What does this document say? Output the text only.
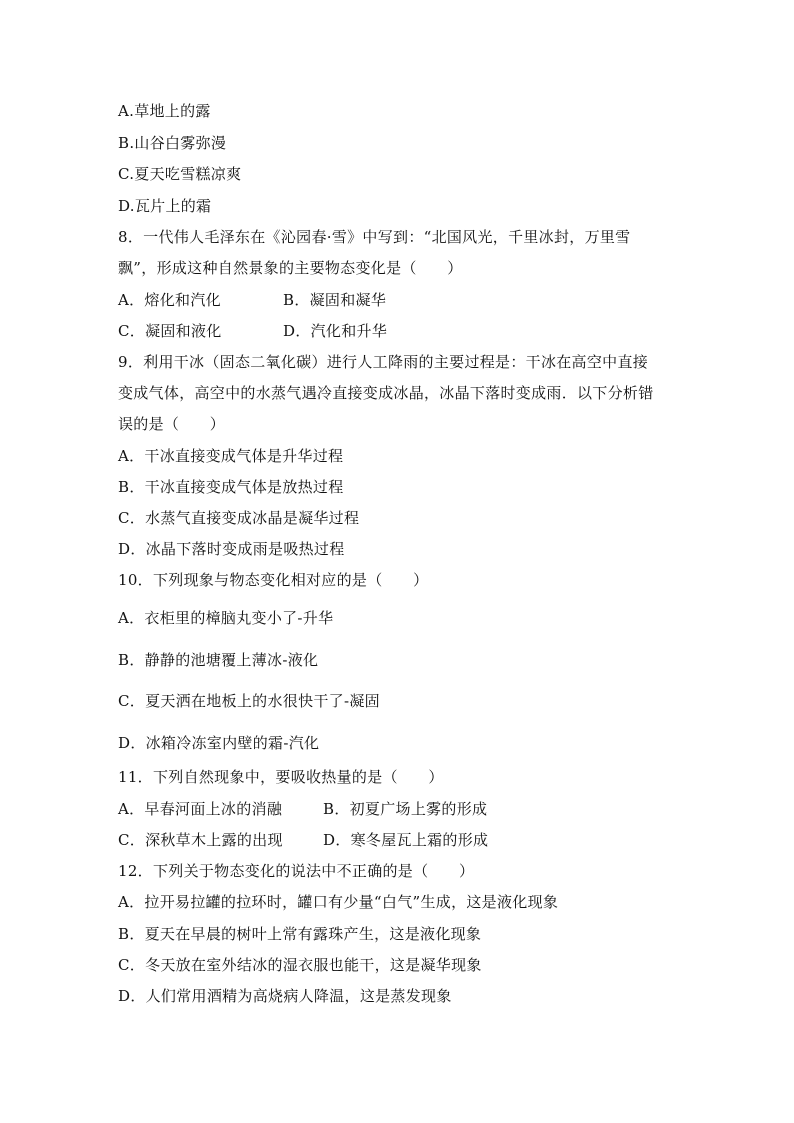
A.草地上的露
B.山谷白雾弥漫
C.夏天吃雪糕凉爽
D.瓦片上的霜
8．一代伟人毛泽东在《沁园春·雪》中写到：“北国风光，千里冰封，万里雪
飘”，形成这种自然景象的主要物态变化是（　　）
A．熔化和汽化	B．凝固和凝华
C．凝固和液化	D．汽化和升华
9．利用干冰（固态二氧化碳）进行人工降雨的主要过程是：干冰在高空中直接
变成气体，高空中的水蒸气遇冷直接变成冰晶，冰晶下落时变成雨．以下分析错
误的是（　　）
A．干冰直接变成气体是升华过程
B．干冰直接变成气体是放热过程
C．水蒸气直接变成冰晶是凝华过程
D．冰晶下落时变成雨是吸热过程
10．下列现象与物态变化相对应的是（　　）
A．衣柜里的樟脑丸变小了-升华
B．静静的池塘覆上薄冰-液化
C．夏天洒在地板上的水很快干了-凝固
D．冰箱冷冻室内壁的霜-汽化
11．下列自然现象中，要吸收热量的是（　　）
A．早春河面上冰的消融	B．初夏广场上雾的形成
C．深秋草木上露的出现	D．寒冬屋瓦上霜的形成
12．下列关于物态变化的说法中不正确的是（　　）
A．拉开易拉罐的拉环时，罐口有少量“白气”生成，这是液化现象
B．夏天在早晨的树叶上常有露珠产生，这是液化现象
C．冬天放在室外结冰的湿衣服也能干，这是凝华现象
D．人们常用酒精为高烧病人降温，这是蒸发现象
